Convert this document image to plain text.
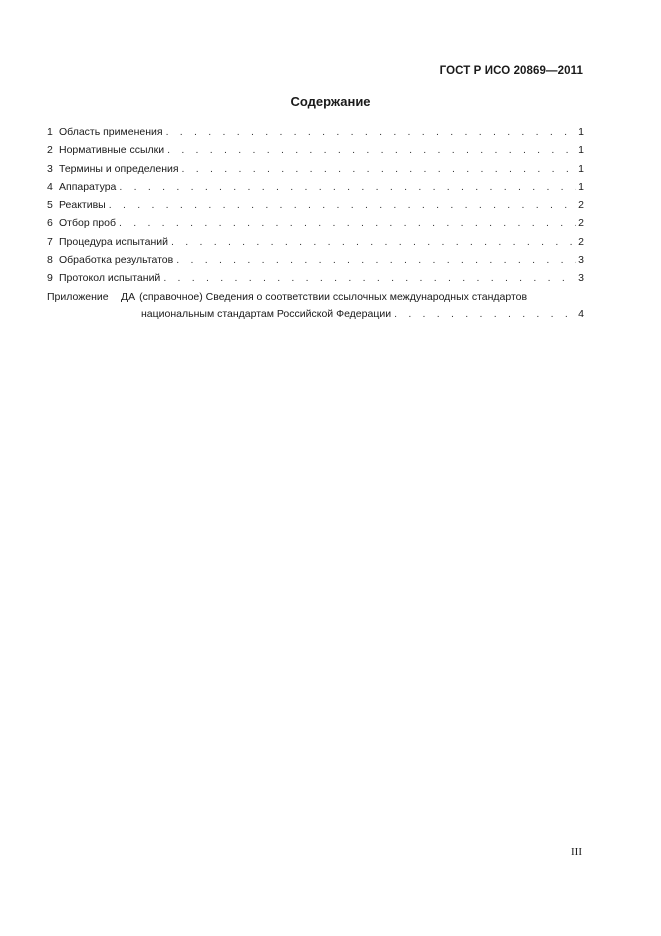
ГОСТ Р ИСО 20869—2011
Содержание
1 Область применения . . .	1
2 Нормативные ссылки . . .	1
3 Термины и определения . . .	1
4 Аппаратура . . .	1
5 Реактивы . . .	2
6 Отбор проб . . .	2
7 Процедура испытаний . . .	2
8 Обработка результатов . . .	3
9 Протокол испытаний . . .	3
Приложение	ДА (справочное) Сведения о соответствии ссылочных международных стандартов
национальным стандартам Российской Федерации . . .	4
III
